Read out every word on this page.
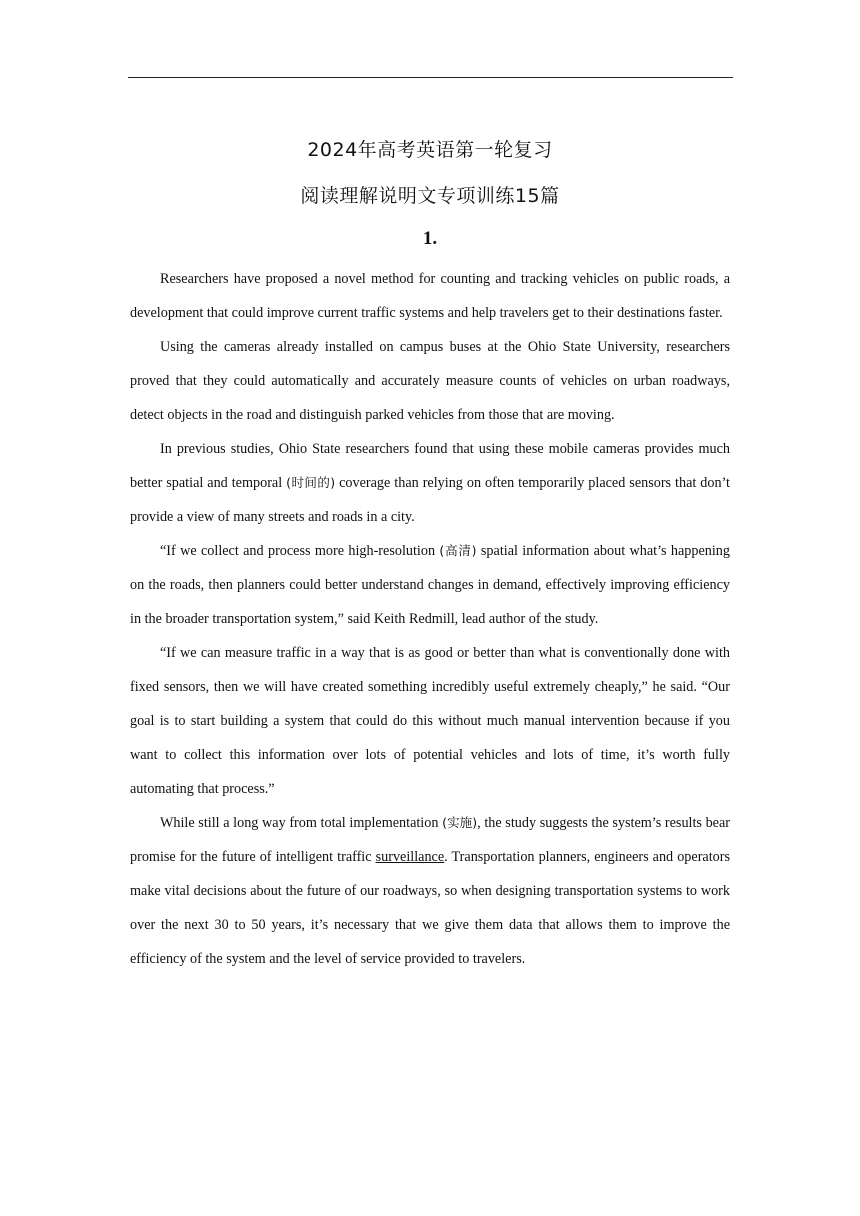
2024年高考英语第一轮复习
阅读理解说明文专项训练15篇
1.

Researchers have proposed a novel method for counting and tracking vehicles on public roads, a development that could improve current traffic systems and help travelers get to their destinations faster.

Using the cameras already installed on campus buses at the Ohio State University, researchers proved that they could automatically and accurately measure counts of vehicles on urban roadways, detect objects in the road and distinguish parked vehicles from those that are moving.

In previous studies, Ohio State researchers found that using these mobile cameras provides much better spatial and temporal (时间的) coverage than relying on often temporarily placed sensors that don’t provide a view of many streets and roads in a city.

“If we collect and process more high-resolution (高清) spatial information about what’s happening on the roads, then planners could better understand changes in demand, effectively improving efficiency in the broader transportation system,” said Keith Redmill, lead author of the study.

“If we can measure traffic in a way that is as good or better than what is conventionally done with fixed sensors, then we will have created something incredibly useful extremely cheaply,” he said. “Our goal is to start building a system that could do this without much manual intervention because if you want to collect this information over lots of potential vehicles and lots of time, it’s worth fully automating that process.”

While still a long way from total implementation (实施), the study suggests the system’s results bear promise for the future of intelligent traffic surveillance. Transportation planners, engineers and operators make vital decisions about the future of our roadways, so when designing transportation systems to work over the next 30 to 50 years, it’s necessary that we give them data that allows them to improve the efficiency of the system and the level of service provided to travelers.
